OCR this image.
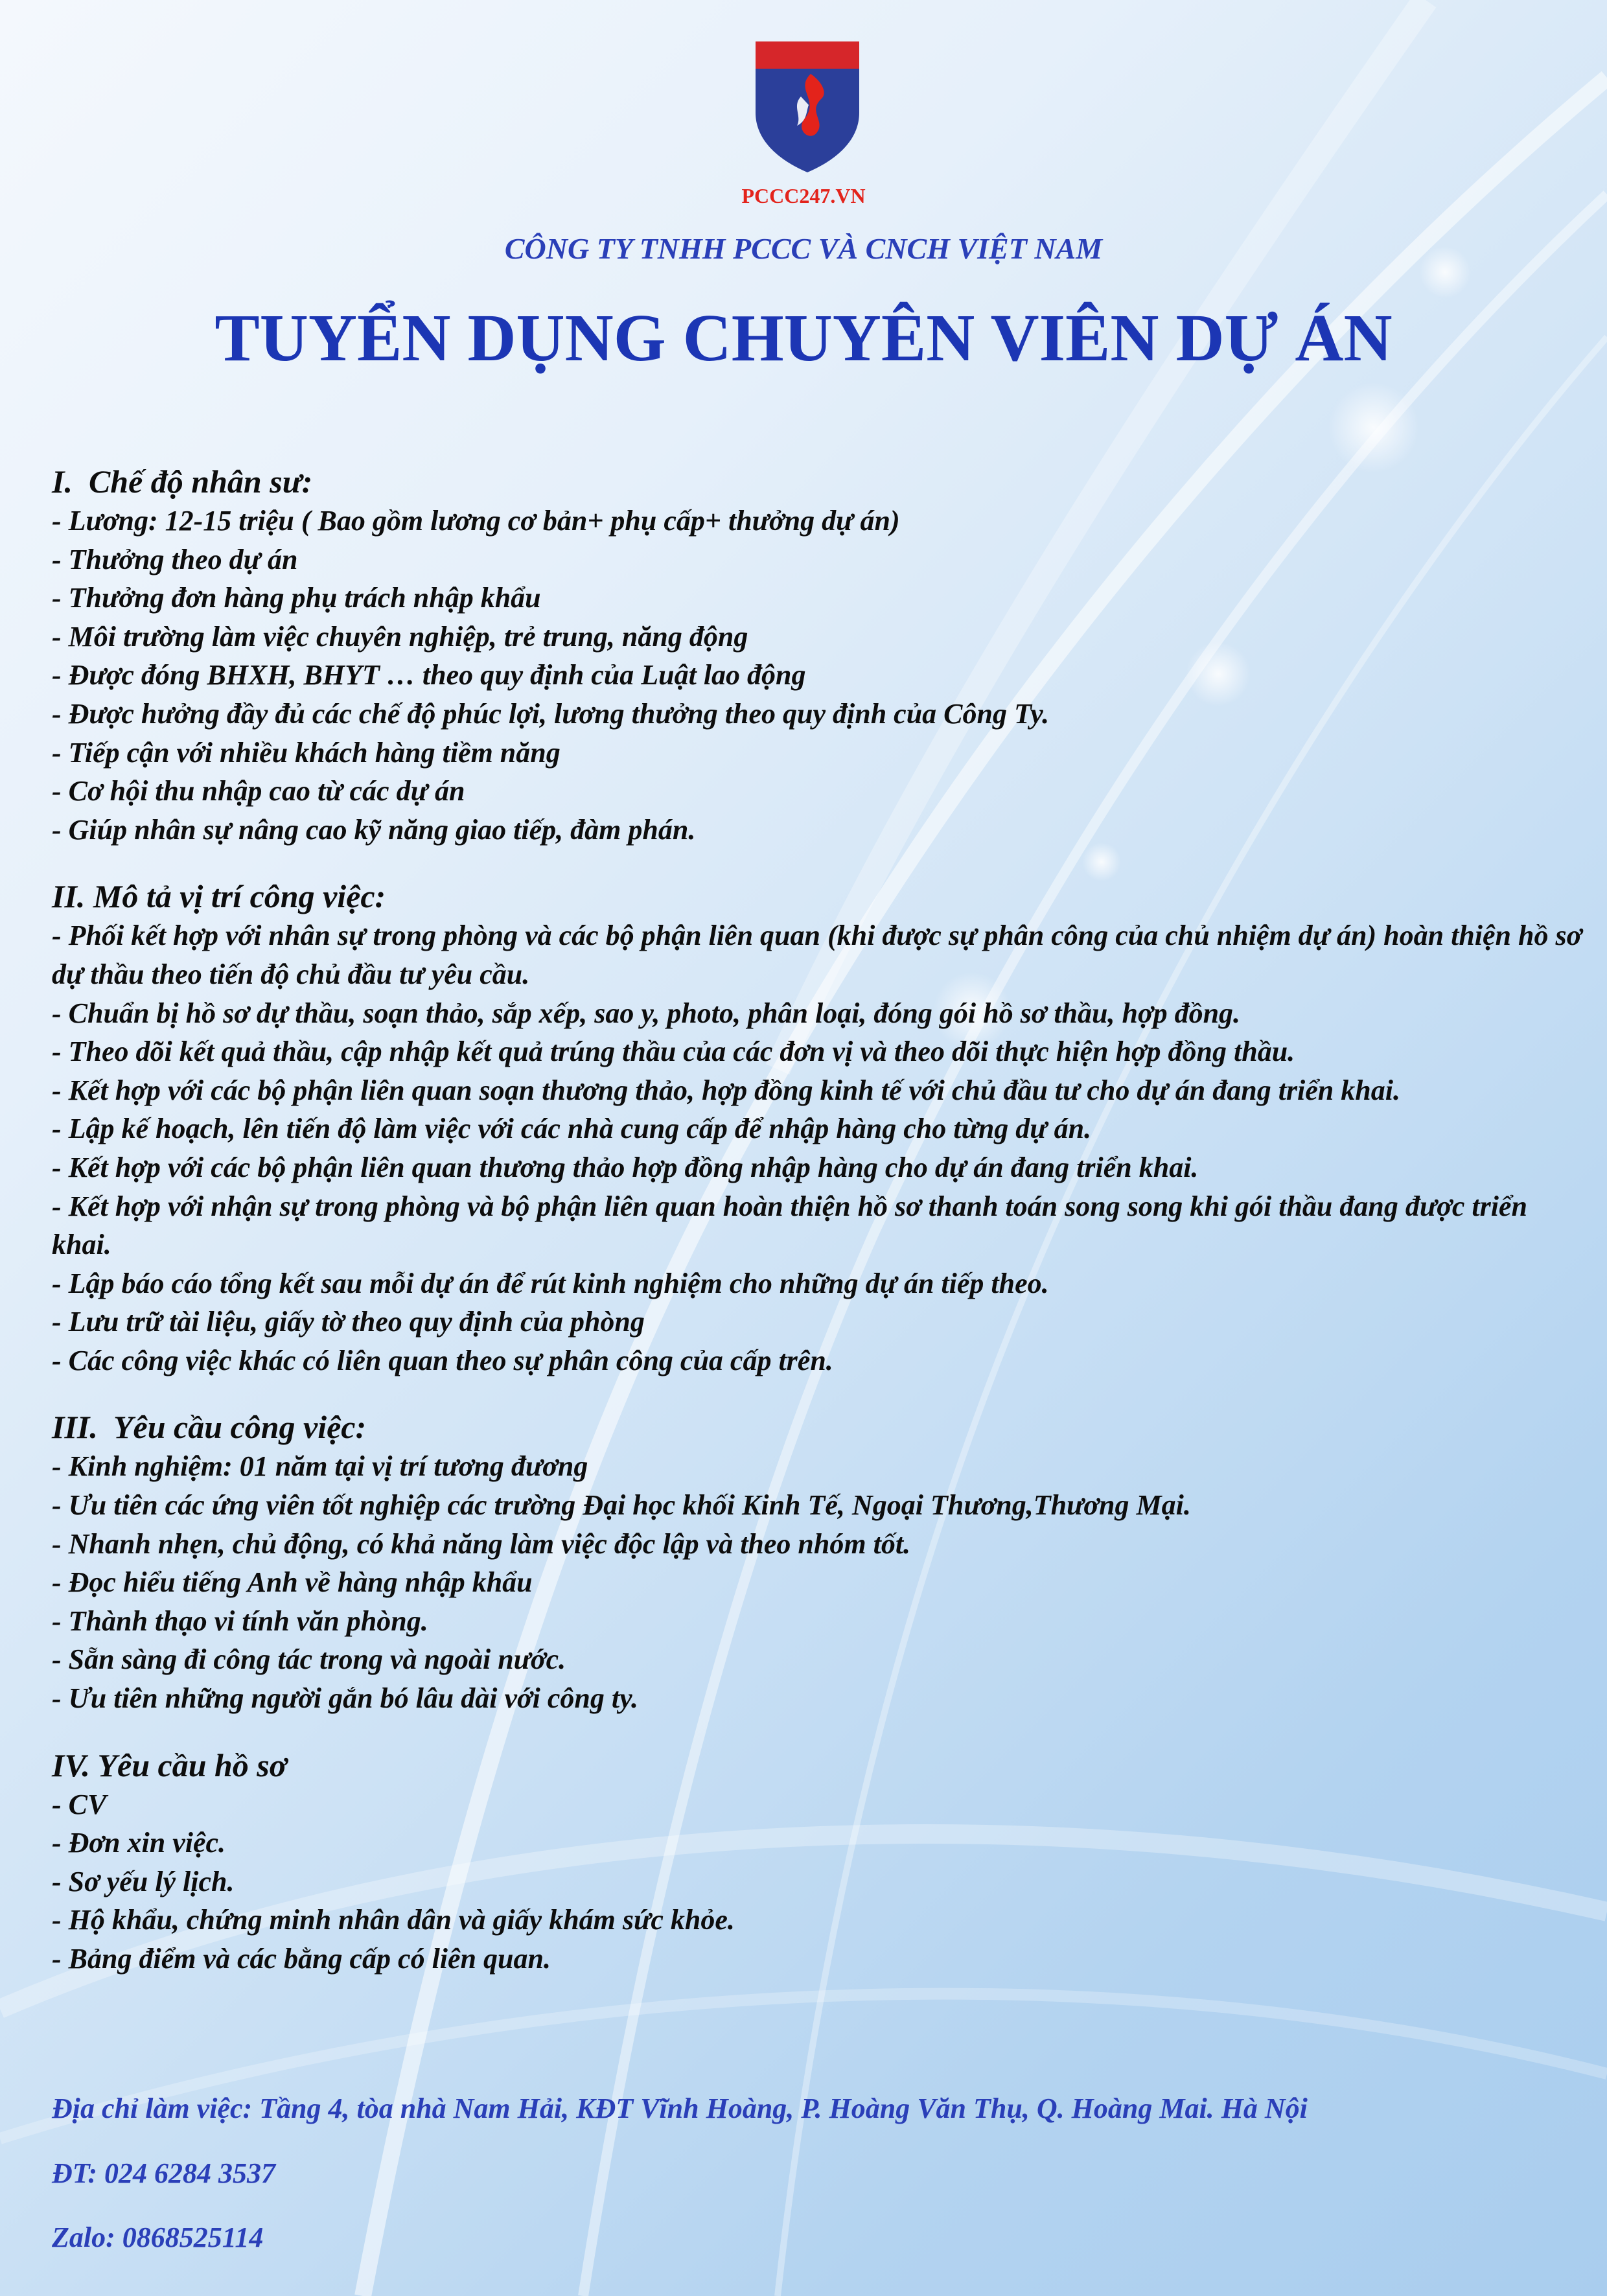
PCCC247.VN
CÔNG TY TNHH PCCC VÀ CNCH VIỆT NAM
TUYỂN DỤNG CHUYÊN VIÊN DỰ ÁN
I.  Chế độ nhân sư:
- Lương: 12-15 triệu ( Bao gồm lương cơ bản+ phụ cấp+ thưởng dự án)
- Thưởng theo dự án
- Thưởng đơn hàng phụ trách nhập khẩu
- Môi trường làm việc chuyên nghiệp, trẻ trung, năng động
- Được đóng BHXH, BHYT … theo quy định của Luật lao động
- Được hưởng đầy đủ các chế độ phúc lợi, lương thưởng theo quy định của Công Ty.
- Tiếp cận với nhiều khách hàng tiềm năng
- Cơ hội thu nhập cao từ các dự án
- Giúp nhân sự nâng cao kỹ năng giao tiếp, đàm phán.
II. Mô tả vị trí công việc:
- Phối kết hợp với nhân sự trong phòng và các bộ phận liên quan (khi được sự phân công của chủ nhiệm dự án) hoàn thiện hồ sơ dự thầu theo tiến độ chủ đầu tư yêu cầu.
- Chuẩn bị hồ sơ dự thầu, soạn thảo, sắp xếp, sao y, photo, phân loại, đóng gói hồ sơ thầu, hợp đồng.
- Theo dõi kết quả thầu, cập nhập kết quả trúng thầu của các đơn vị và theo dõi thực hiện hợp đồng thầu.
- Kết hợp với các bộ phận liên quan soạn thương thảo, hợp đồng kinh tế với chủ đầu tư cho dự án đang triển khai.
- Lập kế hoạch, lên tiến độ làm việc với các nhà cung cấp để nhập hàng cho từng dự án.
- Kết hợp với các bộ phận liên quan thương thảo hợp đồng nhập hàng cho dự án đang triển khai.
- Kết hợp với nhận sự trong phòng và bộ phận liên quan hoàn thiện hồ sơ thanh toán song song khi gói thầu đang được triển khai.
- Lập báo cáo tổng kết sau mỗi dự án để rút kinh nghiệm cho những dự án tiếp theo.
- Lưu trữ tài liệu, giấy tờ theo quy định của phòng
- Các công việc khác có liên quan theo sự phân công của cấp trên.
III.  Yêu cầu công việc:
- Kinh nghiệm: 01 năm tại vị trí tương đương
- Ưu tiên các ứng viên tốt nghiệp các trường Đại học khối Kinh Tế, Ngoại Thương,Thương Mại.
- Nhanh nhẹn, chủ động, có khả năng làm việc độc lập và theo nhóm tốt.
- Đọc hiểu tiếng Anh về hàng nhập khẩu
- Thành thạo vi tính văn phòng.
- Sẵn sàng đi công tác trong và ngoài nước.
- Ưu tiên những người gắn bó lâu dài với công ty.
IV. Yêu cầu hồ sơ
- CV
- Đơn xin việc.
- Sơ yếu lý lịch.
- Hộ khẩu, chứng minh nhân dân và giấy khám sức khỏe.
- Bảng điểm và các bằng cấp có liên quan.
Địa chỉ làm việc: Tầng 4, tòa nhà Nam Hải, KĐT Vĩnh Hoàng, P. Hoàng Văn Thụ, Q. Hoàng Mai. Hà Nội
ĐT: 024 6284 3537
Zalo: 0868525114
